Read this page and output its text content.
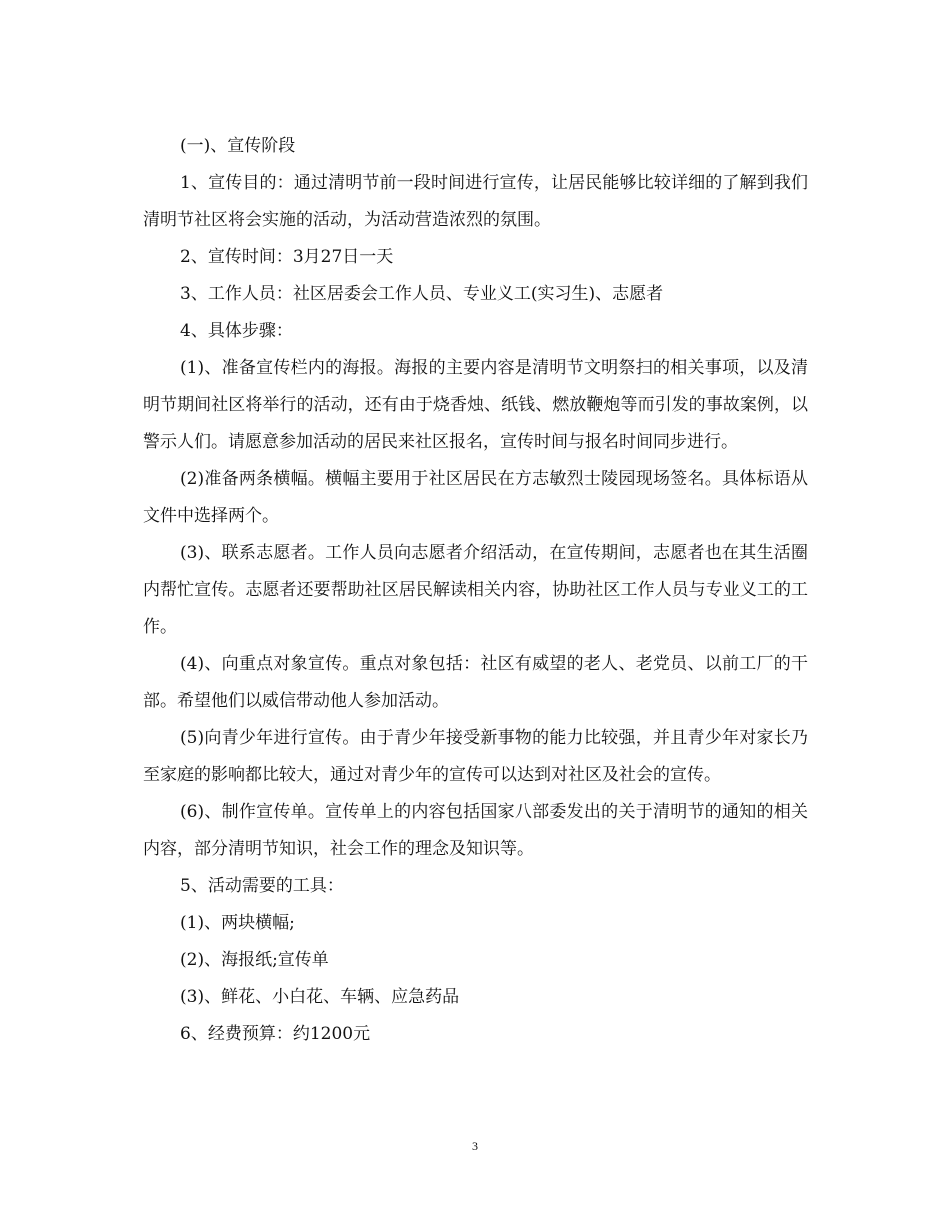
(一)、宣传阶段

1、宣传目的：通过清明节前一段时间进行宣传，让居民能够比较详细的了解到我们清明节社区将会实施的活动，为活动营造浓烈的氛围。

2、宣传时间：3月27日一天

3、工作人员：社区居委会工作人员、专业义工(实习生)、志愿者

4、具体步骤：

(1)、准备宣传栏内的海报。海报的主要内容是清明节文明祭扫的相关事项，以及清明节期间社区将举行的活动，还有由于烧香烛、纸钱、燃放鞭炮等而引发的事故案例，以警示人们。请愿意参加活动的居民来社区报名，宣传时间与报名时间同步进行。

(2)准备两条横幅。横幅主要用于社区居民在方志敏烈士陵园现场签名。具体标语从文件中选择两个。

(3)、联系志愿者。工作人员向志愿者介绍活动，在宣传期间，志愿者也在其生活圈内帮忙宣传。志愿者还要帮助社区居民解读相关内容，协助社区工作人员与专业义工的工作。

(4)、向重点对象宣传。重点对象包括：社区有威望的老人、老党员、以前工厂的干部。希望他们以威信带动他人参加活动。

(5)向青少年进行宣传。由于青少年接受新事物的能力比较强，并且青少年对家长乃至家庭的影响都比较大，通过对青少年的宣传可以达到对社区及社会的宣传。

(6)、制作宣传单。宣传单上的内容包括国家八部委发出的关于清明节的通知的相关内容，部分清明节知识，社会工作的理念及知识等。

5、活动需要的工具：

(1)、两块横幅;

(2)、海报纸;宣传单

(3)、鲜花、小白花、车辆、应急药品

6、经费预算：约1200元

3
